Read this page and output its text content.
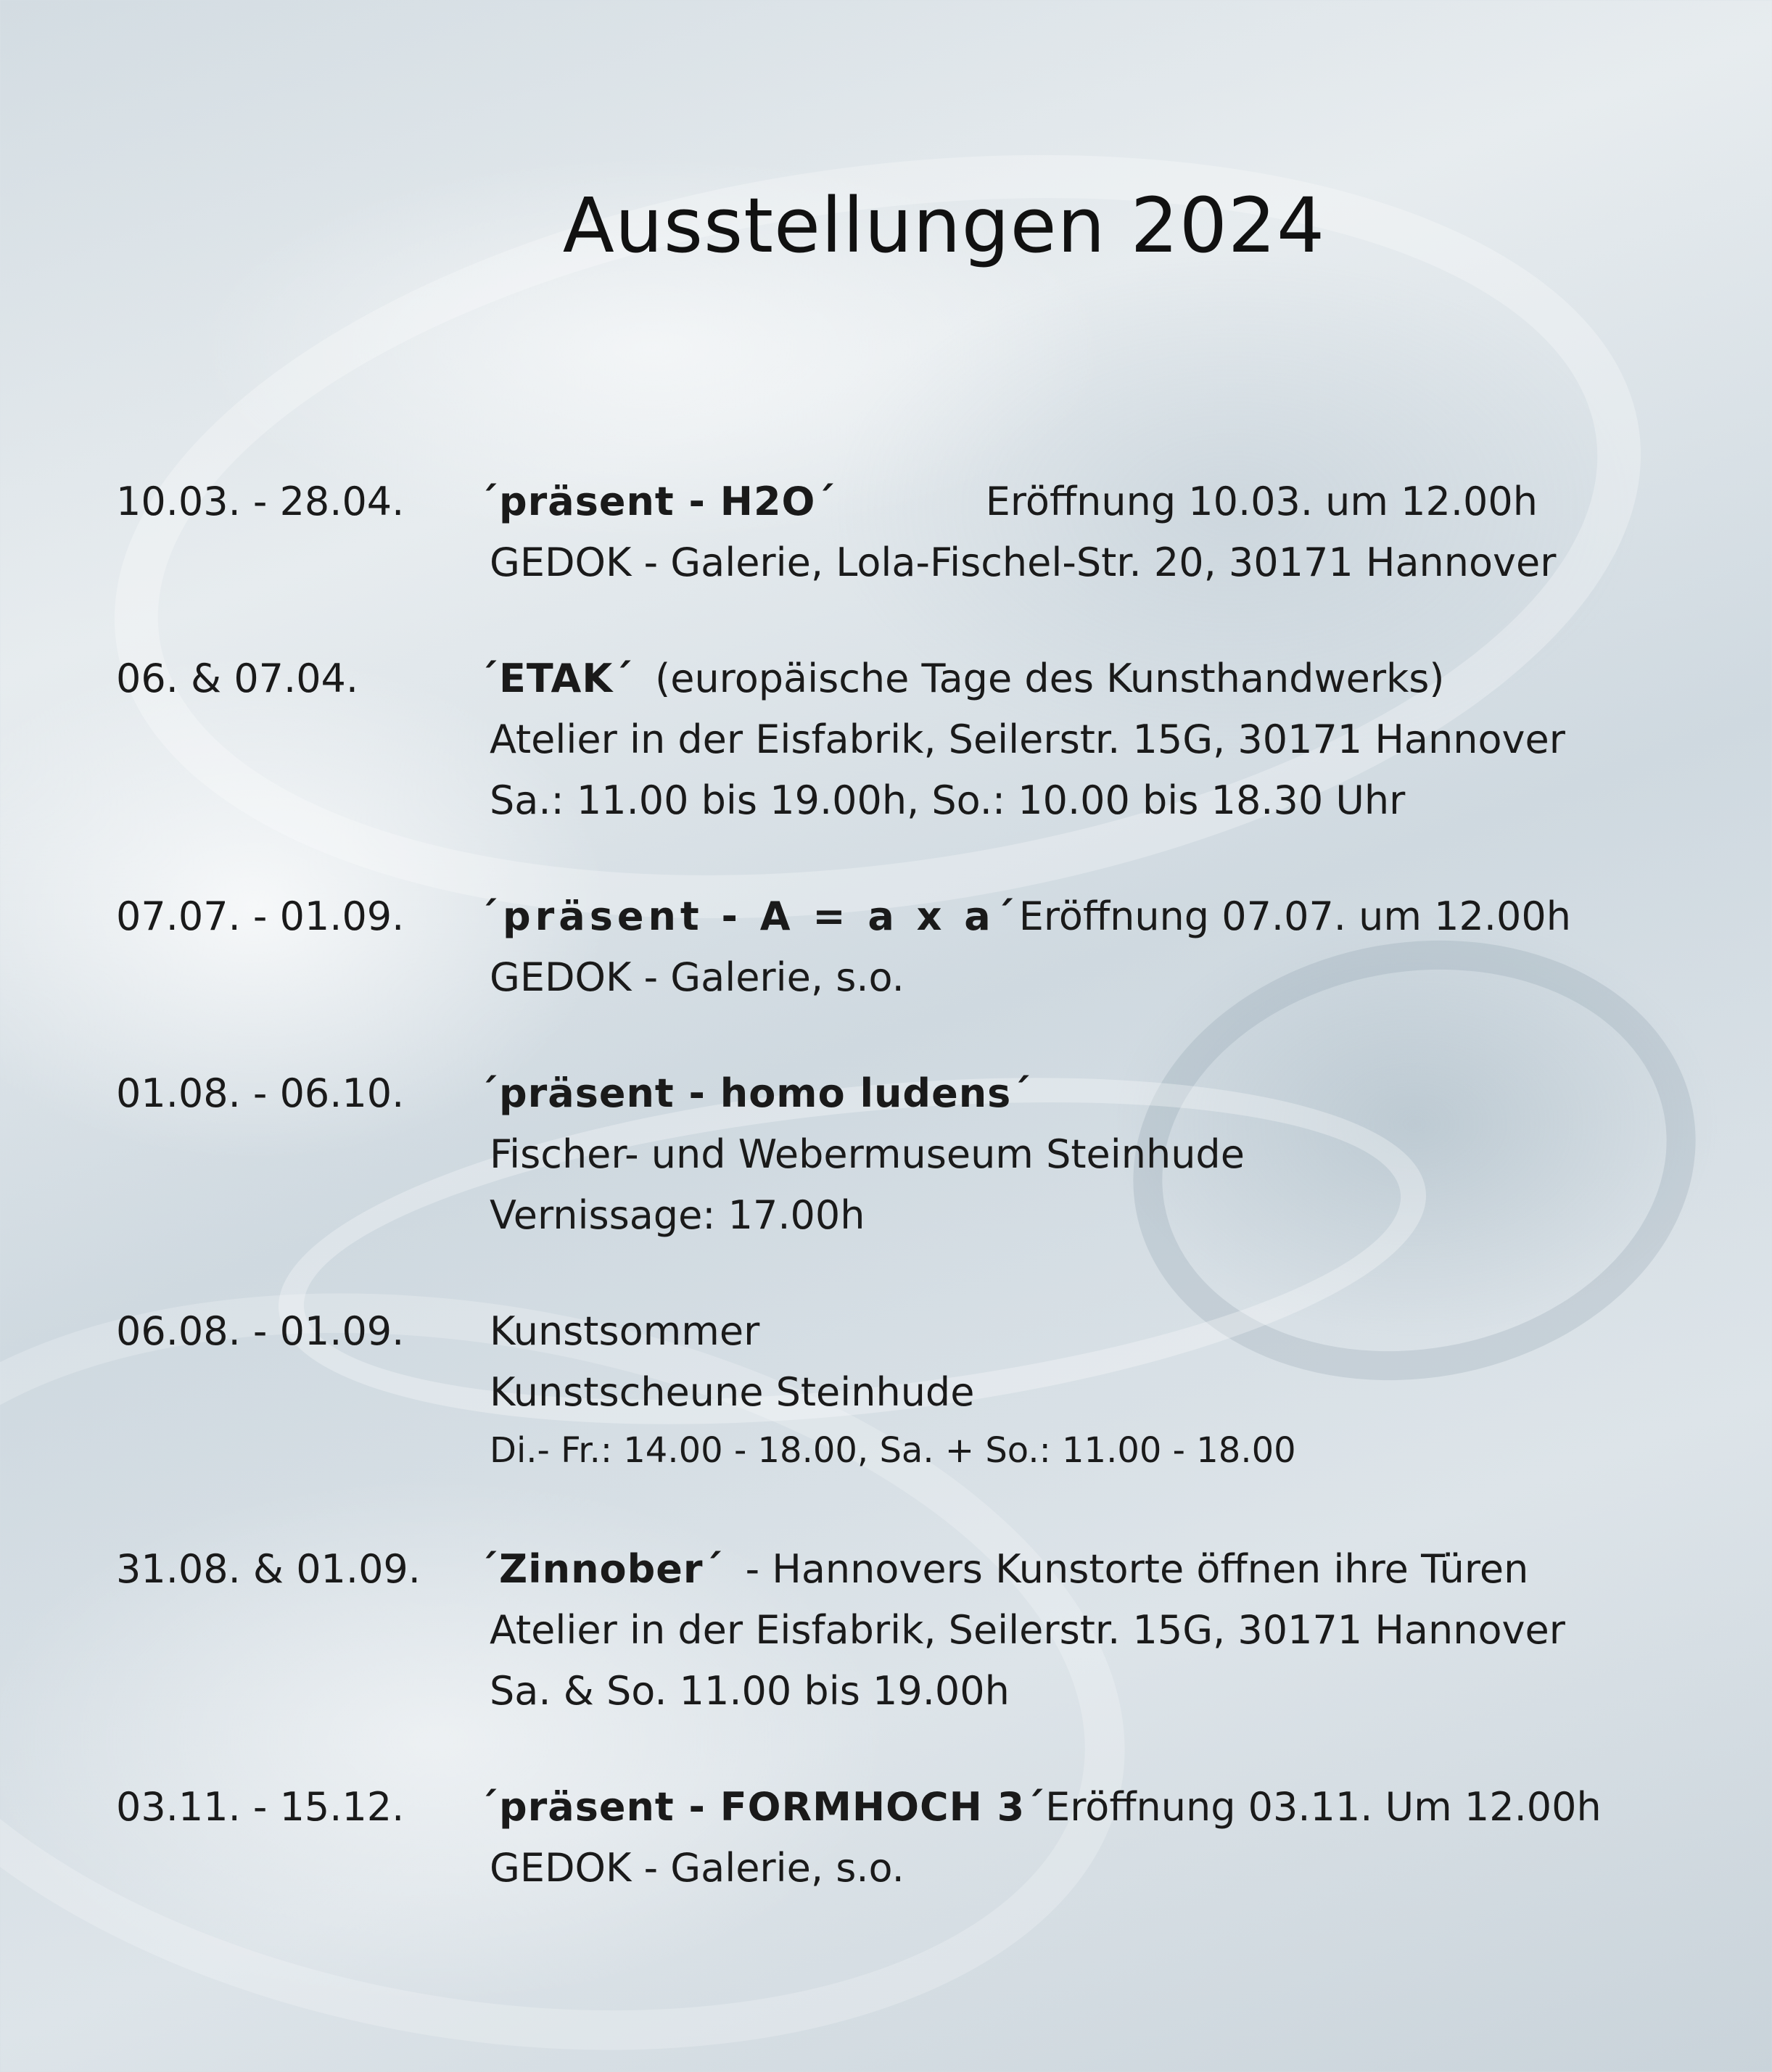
Ausstellungen 2024
10.03. - 28.04.	´präsent - H2O´	Eröffnung 10.03. um 12.00h
GEDOK - Galerie, Lola-Fischel-Str. 20, 30171 Hannover
06. & 07.04.	´ETAK´ (europäische Tage des Kunsthandwerks)
Atelier in der Eisfabrik, Seilerstr. 15G, 30171 Hannover
Sa.: 11.00 bis 19.00h, So.: 10.00 bis 18.30 Uhr
07.07. - 01.09.	´präsent - A = a x a´ Eröffnung 07.07. um 12.00h
GEDOK - Galerie, s.o.
01.08. - 06.10.	´präsent - homo ludens´
Fischer- und Webermuseum Steinhude
Vernissage: 17.00h
06.08. - 01.09.	Kunstsommer
Kunstscheune Steinhude
Di.- Fr.: 14.00 - 18.00, Sa. + So.: 11.00 - 18.00
31.08. & 01.09.	´Zinnober´ - Hannovers Kunstorte öffnen ihre Türen
Atelier in der Eisfabrik, Seilerstr. 15G, 30171 Hannover
Sa. & So. 11.00 bis 19.00h
03.11. - 15.12.	´präsent - FORMHOCH 3´ Eröffnung 03.11. Um 12.00h
GEDOK - Galerie, s.o.
